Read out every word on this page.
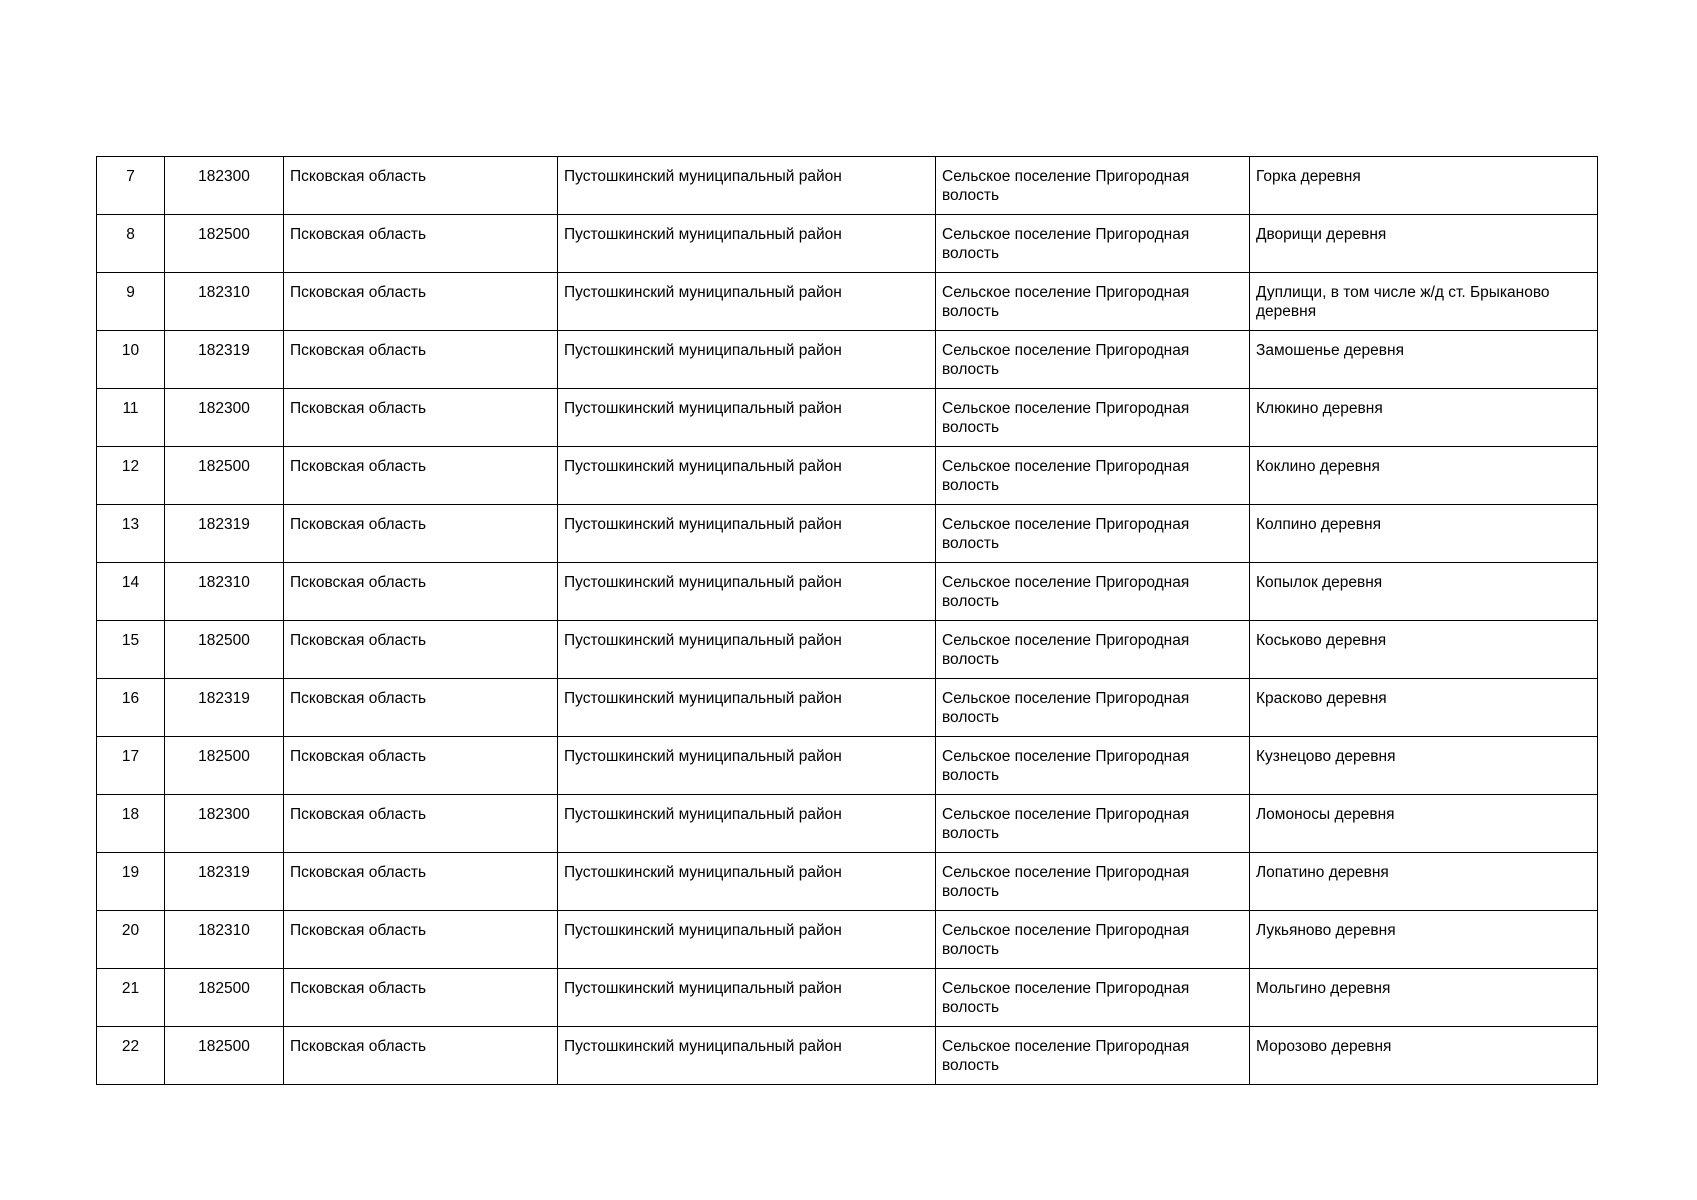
7	182300	Псковская область	Пустошкинский муниципальный район	Сельское поселение Пригородная волость	Горка деревня
8	182500	Псковская область	Пустошкинский муниципальный район	Сельское поселение Пригородная волость	Дворищи деревня
9	182310	Псковская область	Пустошкинский муниципальный район	Сельское поселение Пригородная волость	Дуплищи, в том числе ж/д ст. Брыканово деревня
10	182319	Псковская область	Пустошкинский муниципальный район	Сельское поселение Пригородная волость	Замошенье деревня
11	182300	Псковская область	Пустошкинский муниципальный район	Сельское поселение Пригородная волость	Клюкино деревня
12	182500	Псковская область	Пустошкинский муниципальный район	Сельское поселение Пригородная волость	Коклино деревня
13	182319	Псковская область	Пустошкинский муниципальный район	Сельское поселение Пригородная волость	Колпино деревня
14	182310	Псковская область	Пустошкинский муниципальный район	Сельское поселение Пригородная волость	Копылок деревня
15	182500	Псковская область	Пустошкинский муниципальный район	Сельское поселение Пригородная волость	Коськово деревня
16	182319	Псковская область	Пустошкинский муниципальный район	Сельское поселение Пригородная волость	Красково деревня
17	182500	Псковская область	Пустошкинский муниципальный район	Сельское поселение Пригородная волость	Кузнецово деревня
18	182300	Псковская область	Пустошкинский муниципальный район	Сельское поселение Пригородная волость	Ломоносы деревня
19	182319	Псковская область	Пустошкинский муниципальный район	Сельское поселение Пригородная волость	Лопатино деревня
20	182310	Псковская область	Пустошкинский муниципальный район	Сельское поселение Пригородная волость	Лукьяново деревня
21	182500	Псковская область	Пустошкинский муниципальный район	Сельское поселение Пригородная волость	Мольгино деревня
22	182500	Псковская область	Пустошкинский муниципальный район	Сельское поселение Пригородная волость	Морозово деревня
